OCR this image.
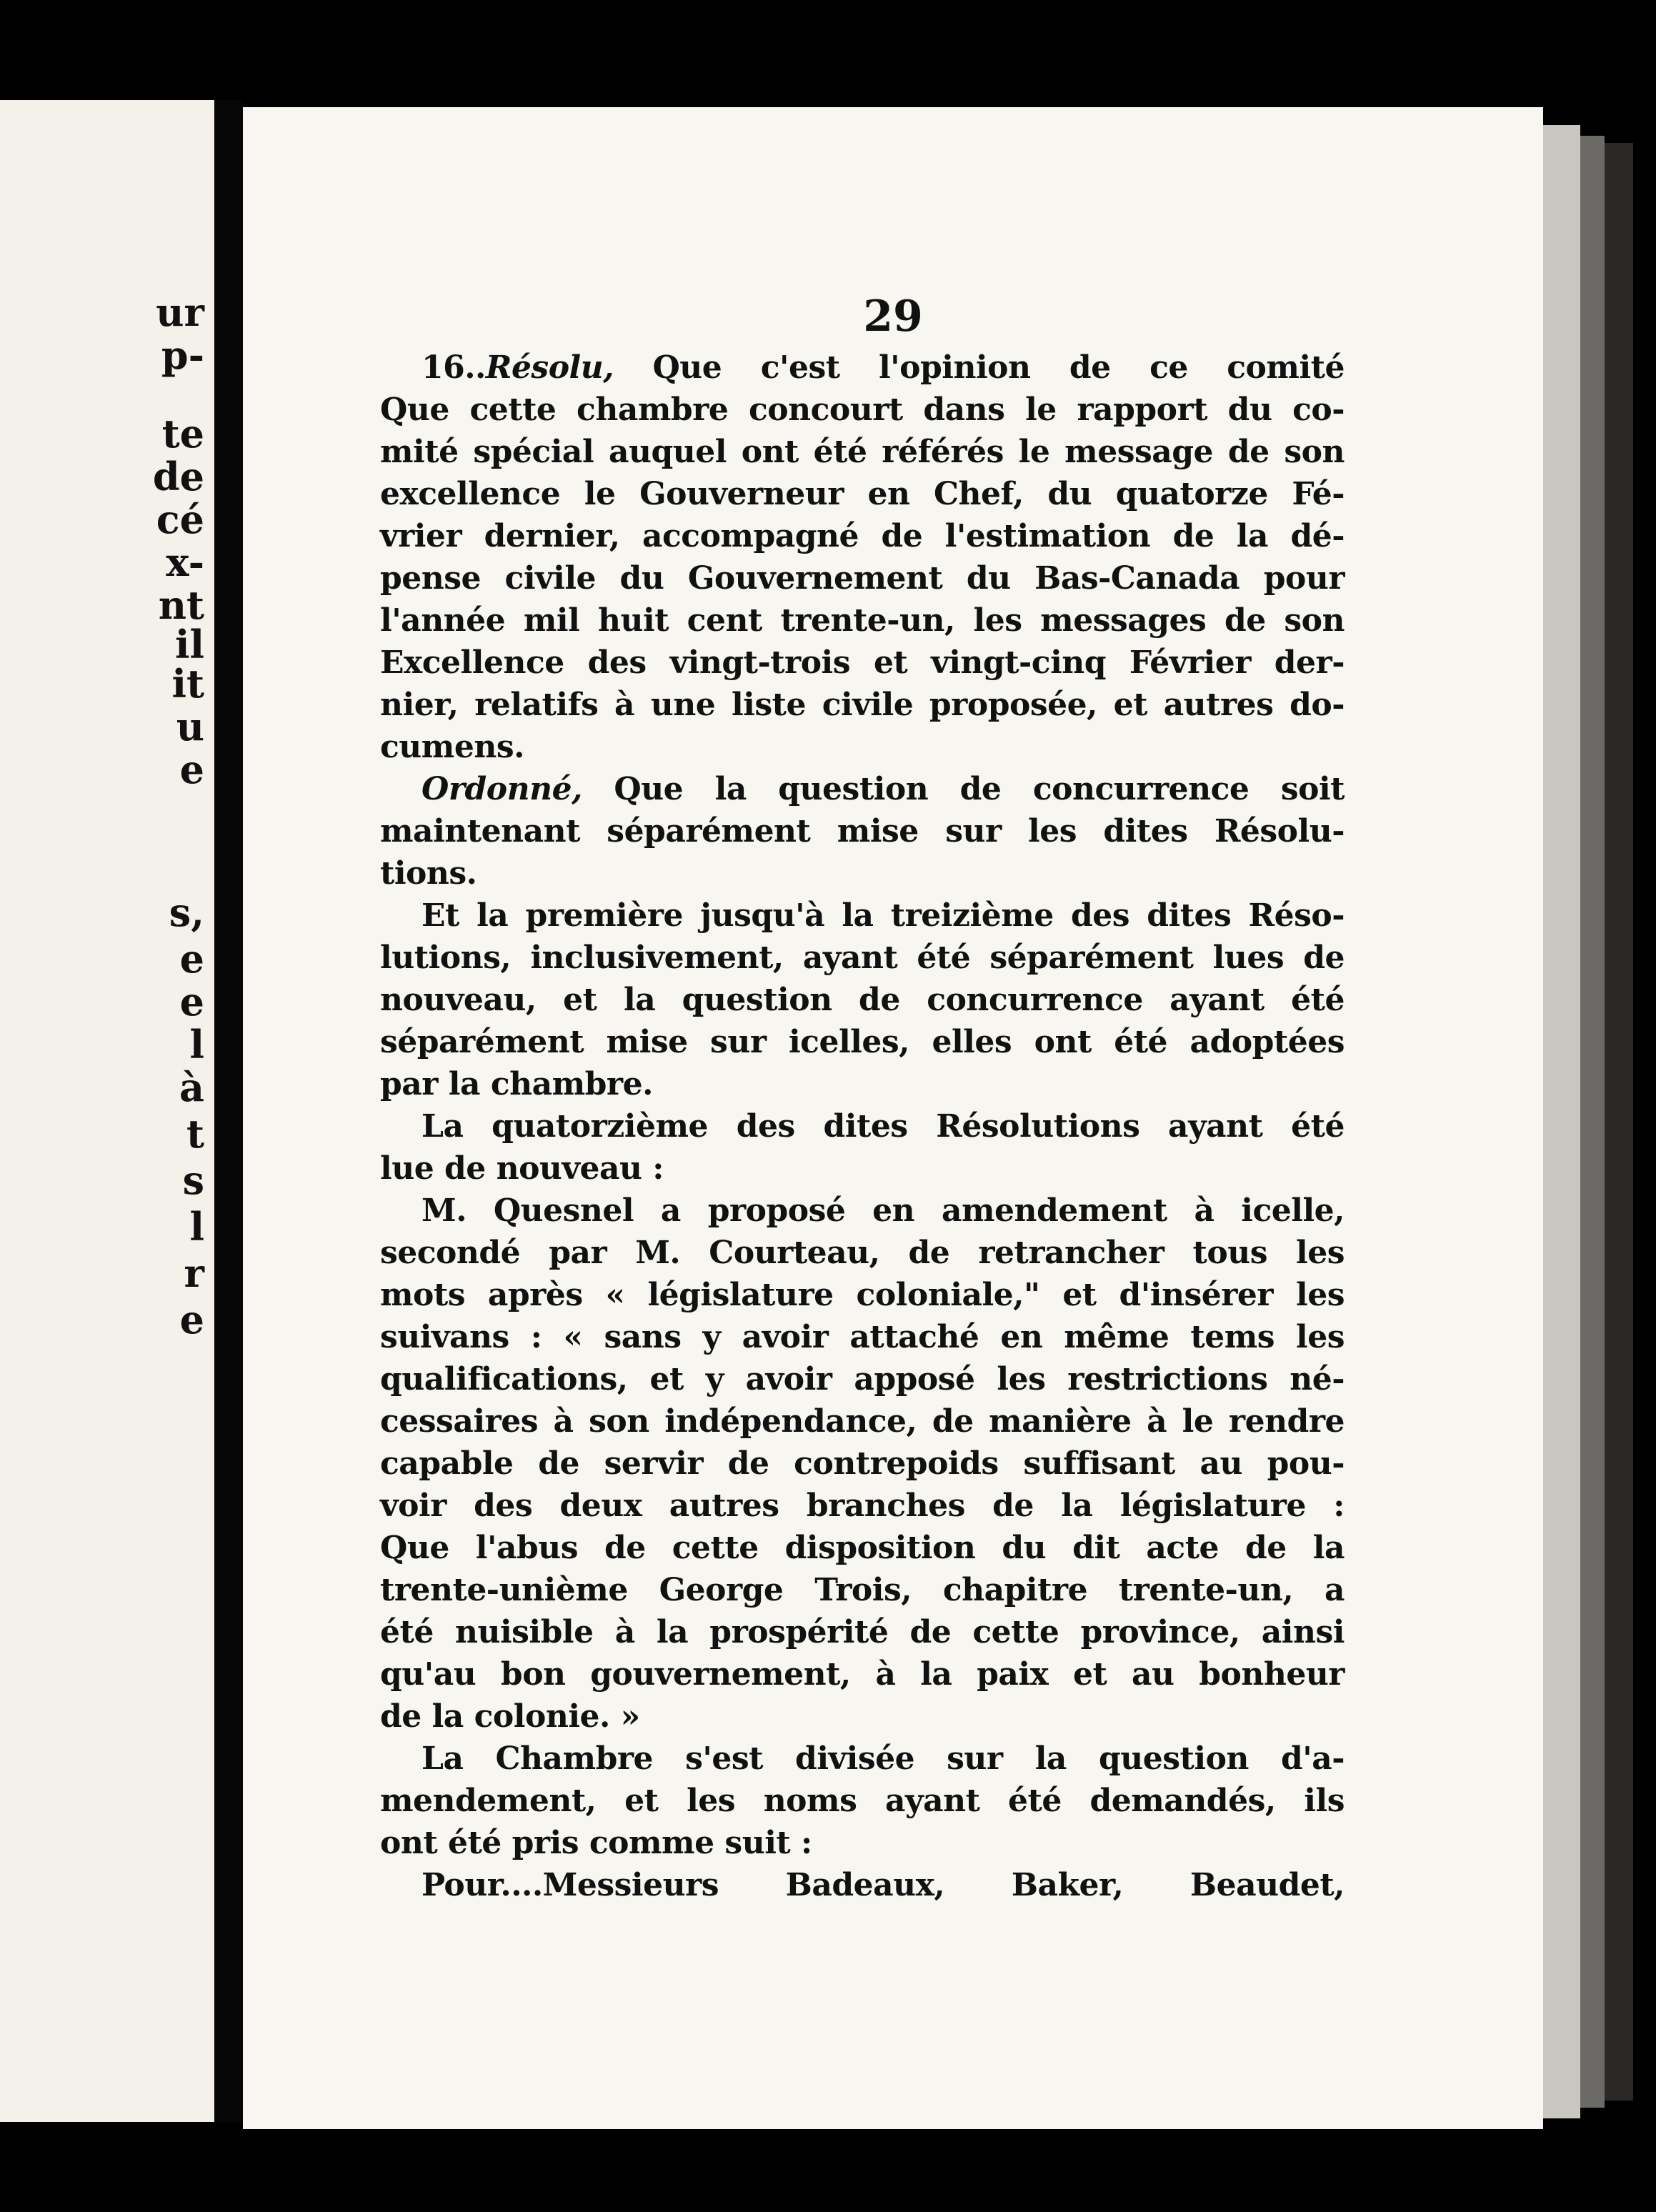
ur
p-
te
de
cé
x-
nt
il
it
u
e
s,
e
e
l
à
t
s
l
r
e
29
16..Résolu, Que c'est l'opinion de ce comité
Que cette chambre concourt dans le rapport du co-
mité spécial auquel ont été référés le message de son
excellence le Gouverneur en Chef, du quatorze Fé-
vrier dernier, accompagné de l'estimation de la dé-
pense civile du Gouvernement du Bas-Canada pour
l'année mil huit cent trente-un, les messages de son
Excellence des vingt-trois et vingt-cinq Février der-
nier, relatifs à une liste civile proposée, et autres do-
cumens.
Ordonné, Que la question de concurrence soit
maintenant séparément mise sur les dites Résolu-
tions.
Et la première jusqu'à la treizième des dites Réso-
lutions, inclusivement, ayant été séparément lues de
nouveau, et la question de concurrence ayant été
séparément mise sur icelles, elles ont été adoptées
par la chambre.
La quatorzième des dites Résolutions ayant été
lue de nouveau :
M. Quesnel a proposé en amendement à icelle,
secondé par M. Courteau, de retrancher tous les
mots après « législature coloniale," et d'insérer les
suivans : « sans y avoir attaché en même tems les
qualifications, et y avoir apposé les restrictions né-
cessaires à son indépendance, de manière à le rendre
capable de servir de contrepoids suffisant au pou-
voir des deux autres branches de la législature :
Que l'abus de cette disposition du dit acte de la
trente-unième George Trois, chapitre trente-un, a
été nuisible à la prospérité de cette province, ainsi
qu'au bon gouvernement, à la paix et au bonheur
de la colonie. »
La Chambre s'est divisée sur la question d'a-
mendement, et les noms ayant été demandés, ils
ont été pris comme suit :
Pour....Messieurs Badeaux, Baker, Beaudet,
